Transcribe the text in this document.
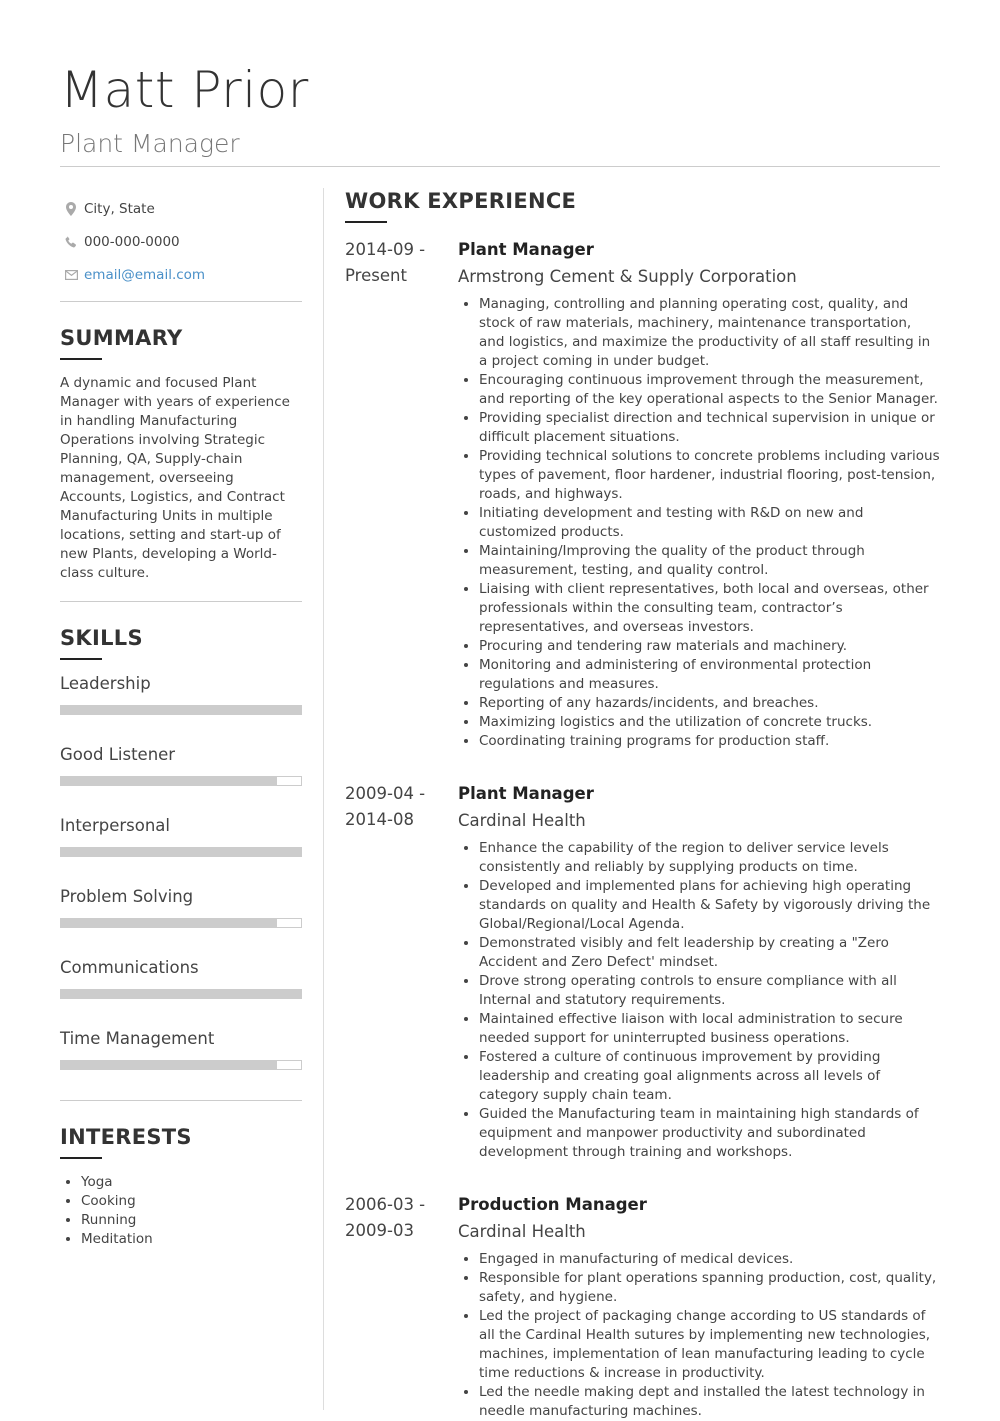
Matt Prior
Plant Manager
City, State
000-000-0000
email@email.com
SUMMARY

A dynamic and focused Plant Manager with years of experience in handling Manufacturing Operations involving Strategic Planning, QA, Supply-chain management, overseeing Accounts, Logistics, and Contract Manufacturing Units in multiple locations, setting and start-up of new Plants, developing a World-class culture.

SKILLS
Leadership
Good Listener
Interpersonal
Problem Solving
Communications
Time Management
INTERESTS
• Yoga
• Cooking
• Running
• Meditation
WORK EXPERIENCE
2014-09 -
Present
Plant Manager
Armstrong Cement & Supply Corporation
• Managing, controlling and planning operating cost, quality, and stock of raw materials, machinery, maintenance transportation, and logistics, and maximize the productivity of all staff resulting in a project coming in under budget.
• Encouraging continuous improvement through the measurement, and reporting of the key operational aspects to the Senior Manager.
• Providing specialist direction and technical supervision in unique or difficult placement situations.
• Providing technical solutions to concrete problems including various types of pavement, floor hardener, industrial flooring, post-tension, roads, and highways.
• Initiating development and testing with R&D on new and customized products.
• Maintaining/Improving the quality of the product through measurement, testing, and quality control.
• Liaising with client representatives, both local and overseas, other professionals within the consulting team, contractor’s representatives, and overseas investors.
• Procuring and tendering raw materials and machinery.
• Monitoring and administering of environmental protection regulations and measures.
• Reporting of any hazards/incidents, and breaches.
• Maximizing logistics and the utilization of concrete trucks.
• Coordinating training programs for production staff.
2009-04 -
2014-08
Plant Manager
Cardinal Health
• Enhance the capability of the region to deliver service levels consistently and reliably by supplying products on time.
• Developed and implemented plans for achieving high operating standards on quality and Health & Safety by vigorously driving the Global/Regional/Local Agenda.
• Demonstrated visibly and felt leadership by creating a "Zero Accident and Zero Defect' mindset.
• Drove strong operating controls to ensure compliance with all Internal and statutory requirements.
• Maintained effective liaison with local administration to secure needed support for uninterrupted business operations.
• Fostered a culture of continuous improvement by providing leadership and creating goal alignments across all levels of category supply chain team.
• Guided the Manufacturing team in maintaining high standards of equipment and manpower productivity and subordinated development through training and workshops.
2006-03 -
2009-03
Production Manager
Cardinal Health
• Engaged in manufacturing of medical devices.
• Responsible for plant operations spanning production, cost, quality, safety, and hygiene.
• Led the project of packaging change according to US standards of all the Cardinal Health sutures by implementing new technologies, machines, implementation of lean manufacturing leading to cycle time reductions & increase in productivity.
• Led the needle making dept and installed the latest technology in needle manufacturing machines.
